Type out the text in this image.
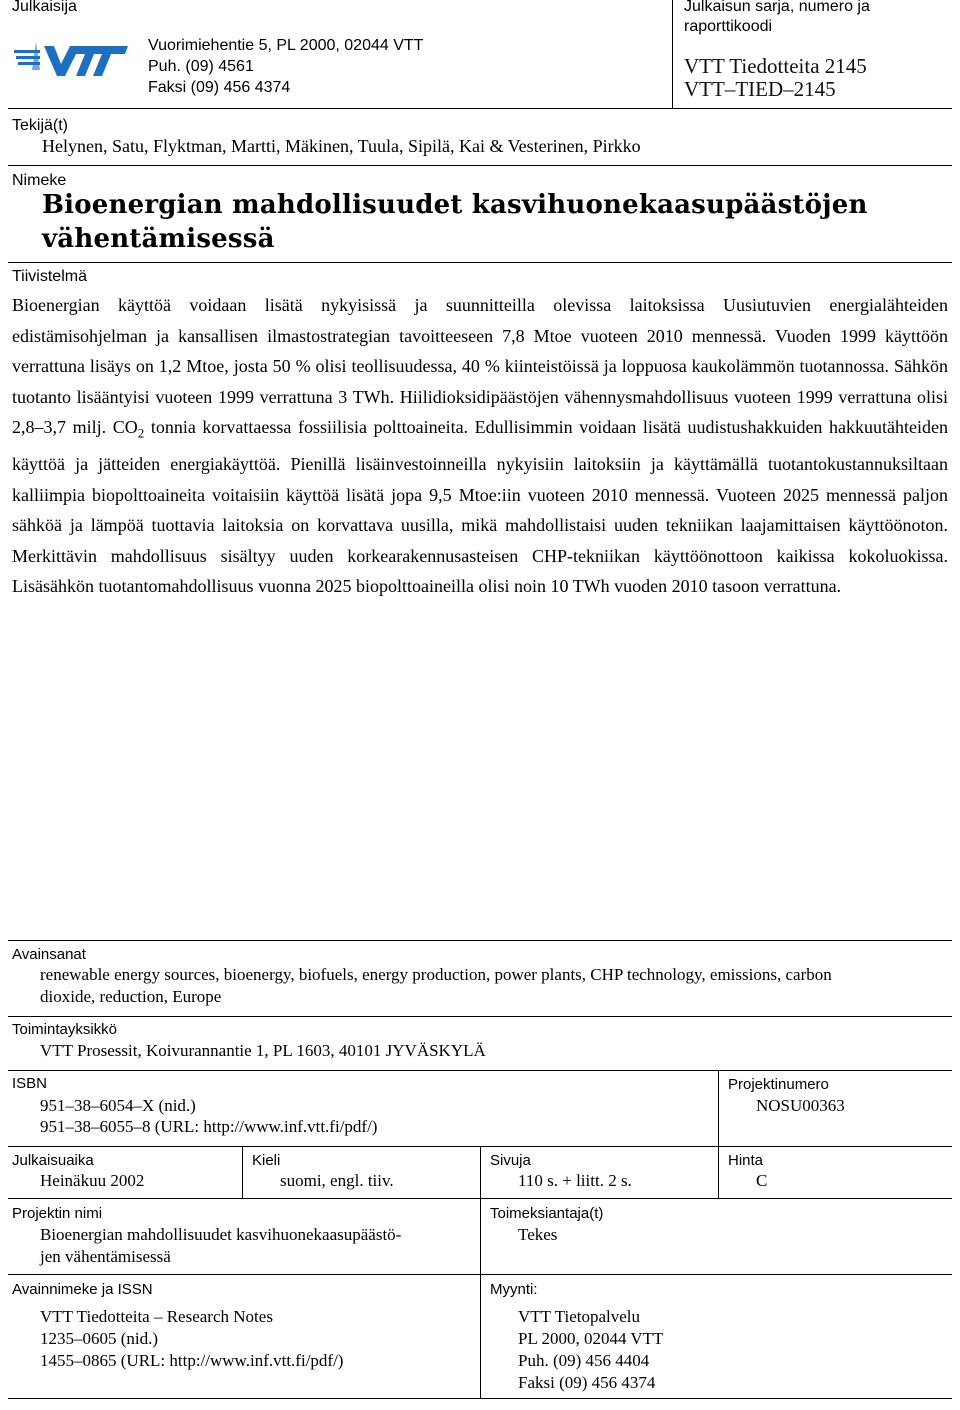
Julkaisija
Vuorimiehentie 5, PL 2000, 02044 VTT
Puh. (09) 4561
Faksi (09) 456 4374
Julkaisun sarja, numero ja
raporttikoodi
VTT Tiedotteita 2145
VTT–TIED–2145
Tekijä(t)
Helynen, Satu, Flyktman, Martti, Mäkinen, Tuula, Sipilä, Kai & Vesterinen, Pirkko
Nimeke
Bioenergian mahdollisuudet kasvihuonekaasupäästöjen vähentämisessä
Tiivistelmä
Bioenergian käyttöä voidaan lisätä nykyisissä ja suunnitteilla olevissa laitoksissa Uusiutuvien energialähteiden edistämisohjelman ja kansallisen ilmastostrategian tavoitteeseen 7,8 Mtoe vuoteen 2010 mennessä. Vuoden 1999 käyttöön verrattuna lisäys on 1,2 Mtoe, josta 50 % olisi teollisuudessa, 40 % kiinteistöissä ja loppuosa kaukolämmön tuotannossa. Sähkön tuotanto lisääntyisi vuoteen 1999 verrattuna 3 TWh. Hiilidioksidipäästöjen vähennysmahdollisuus vuoteen 1999 verrattuna olisi 2,8–3,7 milj. $CO_2$ tonnia korvattaessa fossiilisia polttoaineita. Edullisimmin voidaan lisätä uudistushakkuiden hakkuutähteiden käyttöä ja jätteiden energiakäyttöä. Pienillä lisäinvestoinneilla nykyisiin laitoksiin ja käyttämällä tuotantokustannuksiltaan kalliimpia biopolttoaineita voitaisiin käyttöä lisätä jopa 9,5 Mtoe:iin vuoteen 2010 mennessä. Vuoteen 2025 mennessä paljon sähköä ja lämpöä tuottavia laitoksia on korvattava uusilla, mikä mahdollistaisi uuden tekniikan laajamittaisen käyttöönoton. Merkittävin mahdollisuus sisältyy uuden korkearakennusasteisen CHP-tekniikan käyttöönottoon kaikissa kokoluokissa. Lisäsähkön tuotantomahdollisuus vuonna 2025 biopolttoaineilla olisi noin 10 TWh vuoden 2010 tasoon verrattuna.
Avainsanat
renewable energy sources, bioenergy, biofuels, energy production, power plants, CHP technology, emissions, carbon
dioxide, reduction, Europe
Toimintayksikkö
VTT Prosessit, Koivurannantie 1, PL 1603, 40101 JYVÄSKYLÄ
ISBN
951–38–6054–X (nid.)
951–38–6055–8 (URL: http://www.inf.vtt.fi/pdf/)
Projektinumero
NOSU00363
Julkaisuaika
Heinäkuu 2002
Kieli
suomi, engl. tiiv.
Sivuja
110 s. + liitt. 2 s.
Hinta
C
Projektin nimi
Bioenergian mahdollisuudet kasvihuonekaasupäästö-
jen vähentämisessä
Toimeksiantaja(t)
Tekes
Avainnimeke ja ISSN
VTT Tiedotteita – Research Notes
1235–0605 (nid.)
1455–0865 (URL: http://www.inf.vtt.fi/pdf/)
Myynti:
VTT Tietopalvelu
PL 2000, 02044 VTT
Puh. (09) 456 4404
Faksi (09) 456 4374
